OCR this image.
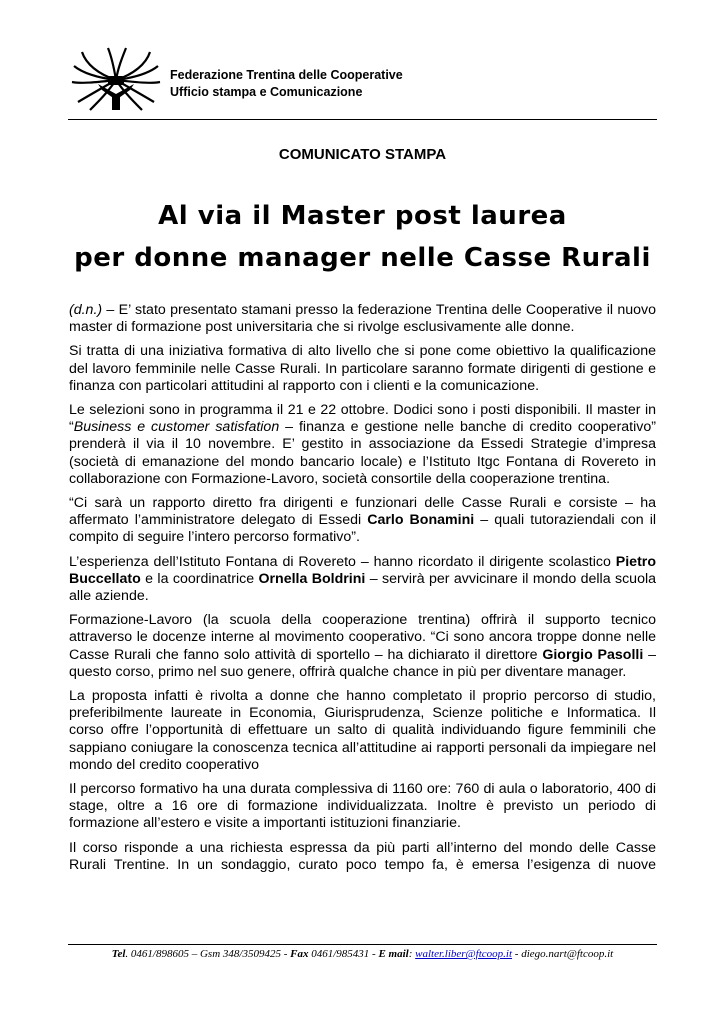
Federazione Trentina delle Cooperative
Ufficio stampa e Comunicazione
COMUNICATO STAMPA
Al via il Master post laurea
per donne manager nelle Casse Rurali

(d.n.) – E’ stato presentato stamani presso la federazione Trentina delle Cooperative il nuovo master di formazione post universitaria che si rivolge esclusivamente alle donne.

Si tratta di una iniziativa formativa di alto livello che si pone come obiettivo la qualificazione del lavoro femminile nelle Casse Rurali. In particolare saranno formate dirigenti di gestione e finanza con particolari attitudini al rapporto con i clienti e la comunicazione.

Le selezioni sono in programma il 21 e 22 ottobre. Dodici sono i posti disponibili. Il master in “Business e customer satisfation – finanza e gestione nelle banche di credito cooperativo” prenderà il via il 10 novembre. E’ gestito in associazione da Essedi Strategie d’impresa (società di emanazione del mondo bancario locale) e l’Istituto Itgc Fontana di Rovereto in collaborazione con Formazione-Lavoro, società consortile della cooperazione trentina.

“Ci sarà un rapporto diretto fra dirigenti e funzionari delle Casse Rurali e corsiste – ha affermato l’amministratore delegato di Essedi Carlo Bonamini – quali tutoraziendali con il compito di seguire l’intero percorso formativo”.

L’esperienza dell’Istituto Fontana di Rovereto – hanno ricordato il dirigente scolastico Pietro Buccellato e la coordinatrice Ornella Boldrini – servirà per avvicinare il mondo della scuola alle aziende.

Formazione-Lavoro (la scuola della cooperazione trentina) offrirà il supporto tecnico attraverso le docenze interne al movimento cooperativo. “Ci sono ancora troppe donne nelle Casse Rurali che fanno solo attività di sportello – ha dichiarato il direttore Giorgio Pasolli – questo corso, primo nel suo genere, offrirà qualche chance in più per diventare manager.

La proposta infatti è rivolta a donne che hanno completato il proprio percorso di studio, preferibilmente laureate in Economia, Giurisprudenza, Scienze politiche e Informatica. Il corso offre l’opportunità di effettuare un salto di qualità individuando figure femminili che sappiano coniugare la conoscenza tecnica all’attitudine ai rapporti personali da impiegare nel mondo del credito cooperativo

Il percorso formativo ha una durata complessiva di 1160 ore: 760 di aula o laboratorio, 400 di stage, oltre a 16 ore di formazione individualizzata. Inoltre è previsto un periodo di formazione all’estero e visite a importanti istituzioni finanziarie.

Il corso risponde a una richiesta espressa da più parti all’interno del mondo delle Casse Rurali Trentine. In un sondaggio, curato poco tempo fa, è emersa l’esigenza di nuove

Tel. 0461/898605 – Gsm 348/3509425 - Fax 0461/985431 - E mail: walter.liber@ftcoop.it - diego.nart@ftcoop.it
